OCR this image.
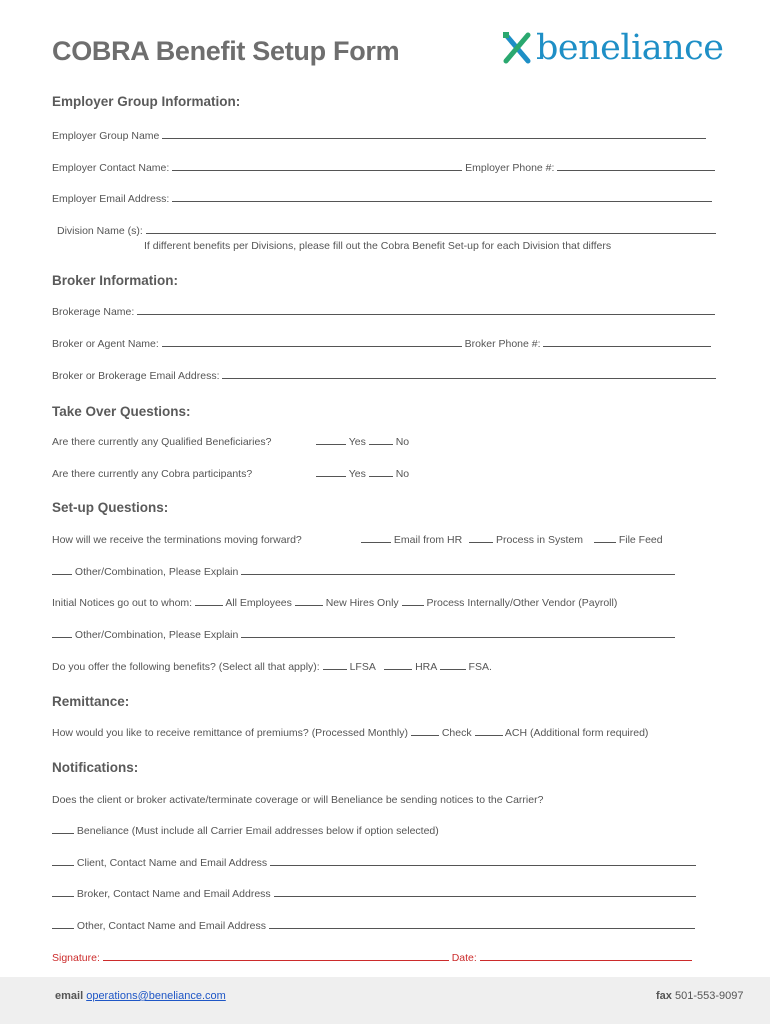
COBRA Benefit Setup Form	beneliance
Employer Group Information:
Employer Group Name
Employer Contact Name:	Employer Phone #:
Employer Email Address:
Division Name (s):
If different benefits per Divisions, please fill out the Cobra Benefit Set-up for each Division that differs
Broker Information:
Brokerage Name:
Broker or Agent Name:	Broker Phone #:
Broker or Brokerage Email Address:
Take Over Questions:
Are there currently any Qualified Beneficiaries?	Yes	No
Are there currently any Cobra participants?	Yes	No
Set-up Questions:
How will we receive the terminations moving forward?	Email from HR	Process in System	File Feed
Other/Combination, Please Explain
Initial Notices go out to whom:	All Employees	New Hires Only	Process Internally/Other Vendor (Payroll)
Other/Combination, Please Explain
Do you offer the following benefits? (Select all that apply):	LFSA	HRA	FSA.
Remittance:
How would you like to receive remittance of premiums? (Processed Monthly)	Check	ACH (Additional form required)
Notifications:
Does the client or broker activate/terminate coverage or will Beneliance be sending notices to the Carrier?
Beneliance (Must include all Carrier Email addresses below if option selected)
Client, Contact Name and Email Address
Broker, Contact Name and Email Address
Other, Contact Name and Email Address
Signature:	Date:
email operations@beneliance.com	fax 501-553-9097
